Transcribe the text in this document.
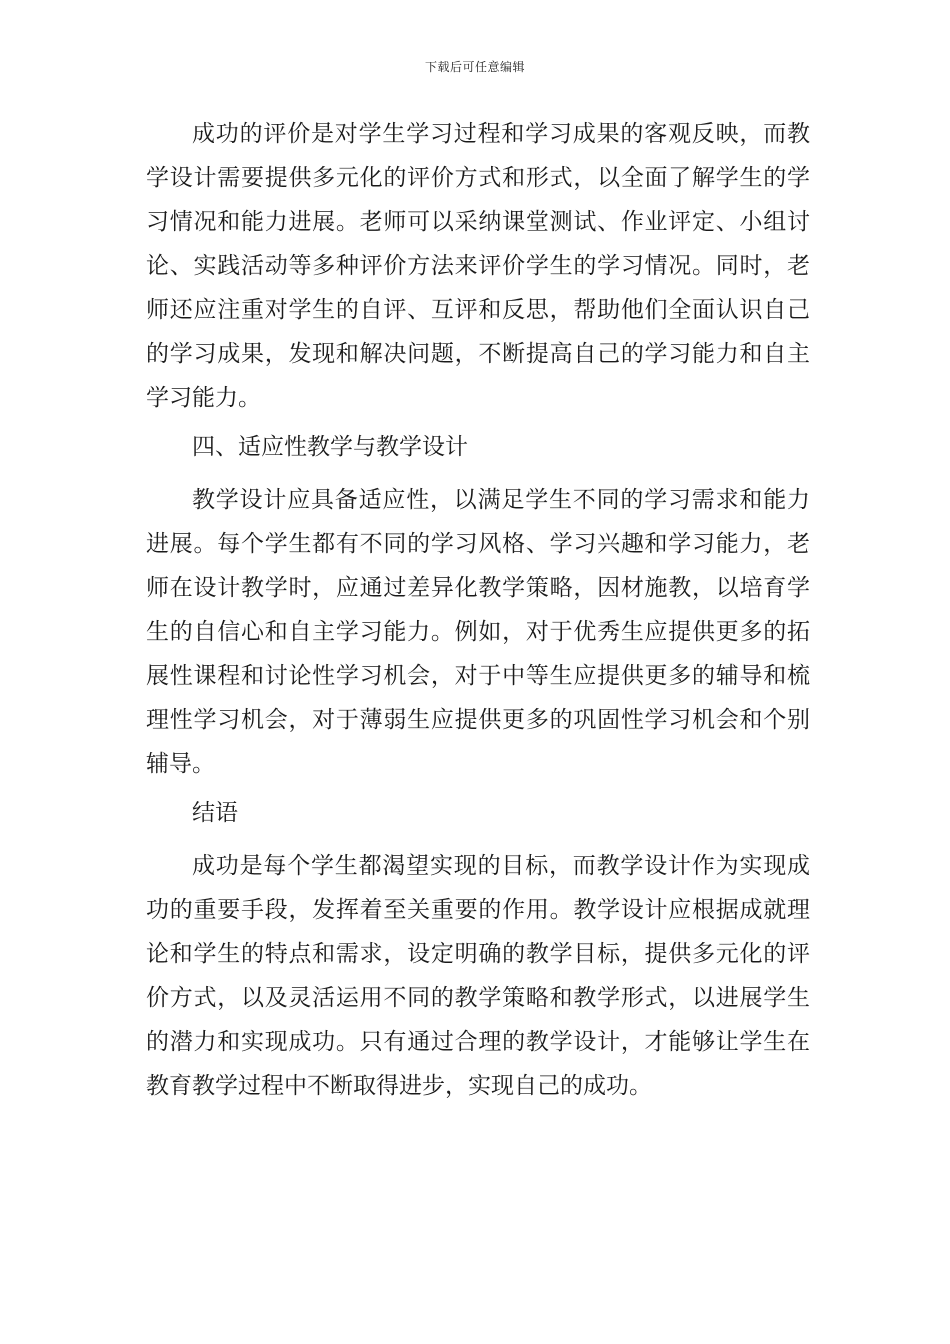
下载后可任意编辑

成功的评价是对学生学习过程和学习成果的客观反映，而教学设计需要提供多元化的评价方式和形式，以全面了解学生的学习情况和能力进展。老师可以采纳课堂测试、作业评定、小组讨论、实践活动等多种评价方法来评价学生的学习情况。同时，老师还应注重对学生的自评、互评和反思，帮助他们全面认识自己的学习成果，发现和解决问题，不断提高自己的学习能力和自主学习能力。

四、适应性教学与教学设计

教学设计应具备适应性，以满足学生不同的学习需求和能力进展。每个学生都有不同的学习风格、学习兴趣和学习能力，老师在设计教学时，应通过差异化教学策略，因材施教，以培育学生的自信心和自主学习能力。例如，对于优秀生应提供更多的拓展性课程和讨论性学习机会，对于中等生应提供更多的辅导和梳理性学习机会，对于薄弱生应提供更多的巩固性学习机会和个别辅导。

结语

成功是每个学生都渴望实现的目标，而教学设计作为实现成功的重要手段，发挥着至关重要的作用。教学设计应根据成就理论和学生的特点和需求，设定明确的教学目标，提供多元化的评价方式，以及灵活运用不同的教学策略和教学形式，以进展学生的潜力和实现成功。只有通过合理的教学设计，才能够让学生在教育教学过程中不断取得进步，实现自己的成功。
